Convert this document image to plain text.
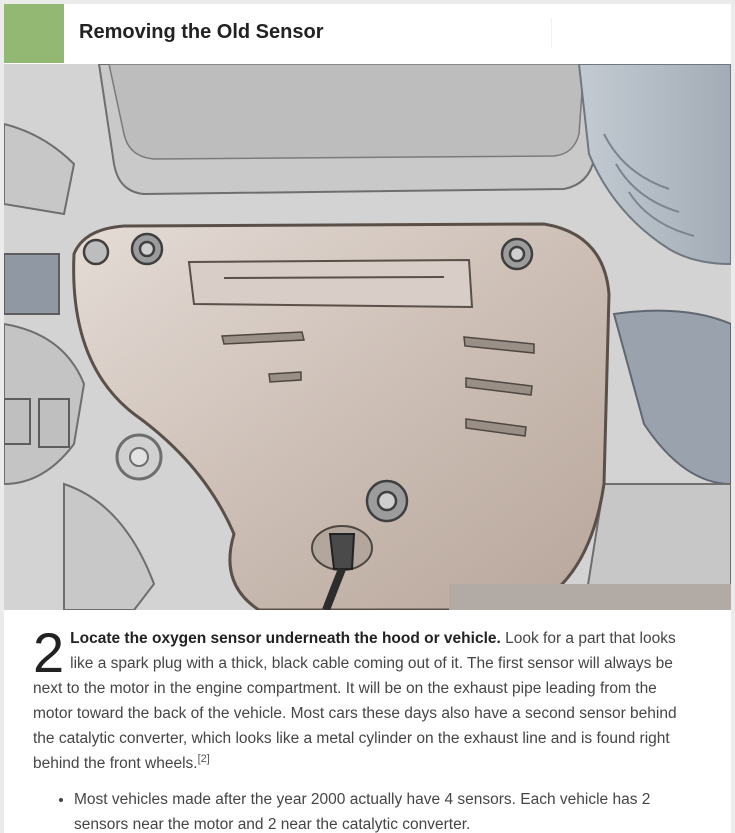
Removing the Old Sensor
2 Locate the oxygen sensor underneath the hood or vehicle. Look for a part that looks like a spark plug with a thick, black cable coming out of it. The first sensor will always be next to the motor in the engine compartment. It will be on the exhaust pipe leading from the motor toward the back of the vehicle. Most cars these days also have a second sensor behind the catalytic converter, which looks like a metal cylinder on the exhaust line and is found right behind the front wheels.[2]
• Most vehicles made after the year 2000 actually have 4 sensors. Each vehicle has 2 sensors near the motor and 2 near the catalytic converter.
